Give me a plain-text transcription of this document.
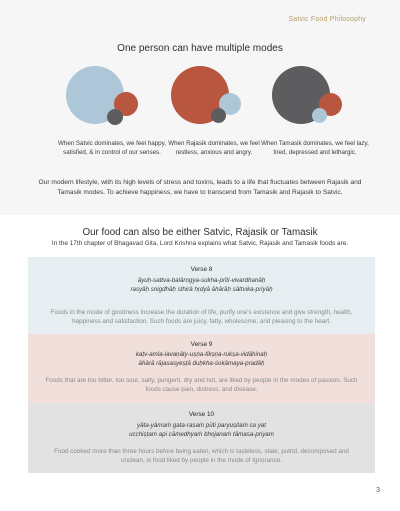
Satvic Food Philosophy
One person can have multiple modes
When Satvic dominates, we feel happy, satisfied, & in control of our senses.
When Rajasik dominates, we feel restless, anxious and angry.
When Tamasik dominates, we feel lazy, tired, depressed and lethargic.
Our modern lifestyle, with its high levels of stress and toxins, leads to a life that fluctuates between Rajasik and Tamasik modes. To achieve happiness, we have to transcend from Tamasik and Rajasik to Satvic.
Our food can also be either Satvic, Rajasik or Tamasik
In the 17th chapter of Bhagavad Gita, Lord Krishna explains what Satvic, Rajasik and Tamasik foods are.
Verse 8
āyuḥ-sattva-balārogya-sukha-prīti-vivardhanāḥ
rasyāḥ snigdhāḥ sthirā hṛdyā āhārāḥ sāttvika-priyāḥ
Foods in the mode of goodness increase the duration of life, purify one's existence and give strength, health, happiness and satisfaction. Such foods are juicy, fatty, wholesome, and pleasing to the heart.
Verse 9
kaṭv-amla-lavaṇāty-uṣṇa-tīkṣṇa-rukṣa-vidāhinaḥ
āhārā rājasasyeṣṭā duḥkha-śokāmaya-pradāḥ
Foods that are too bitter, too sour, salty, pungent, dry and hot, are liked by people in the modes of passion. Such foods cause pain, distress, and disease.
Verse 10
yāta-yāmaṁ gata-rasaṁ pūti paryuṣitaṁ ca yat
ucchiṣṭam api cāmedhyaṁ bhojanaṁ tāmasa-priyam
Food cooked more than three hours before being eaten, which is tasteless, stale, putrid, decomposed and unclean, is food liked by people in the mode of Ignorance.
3
